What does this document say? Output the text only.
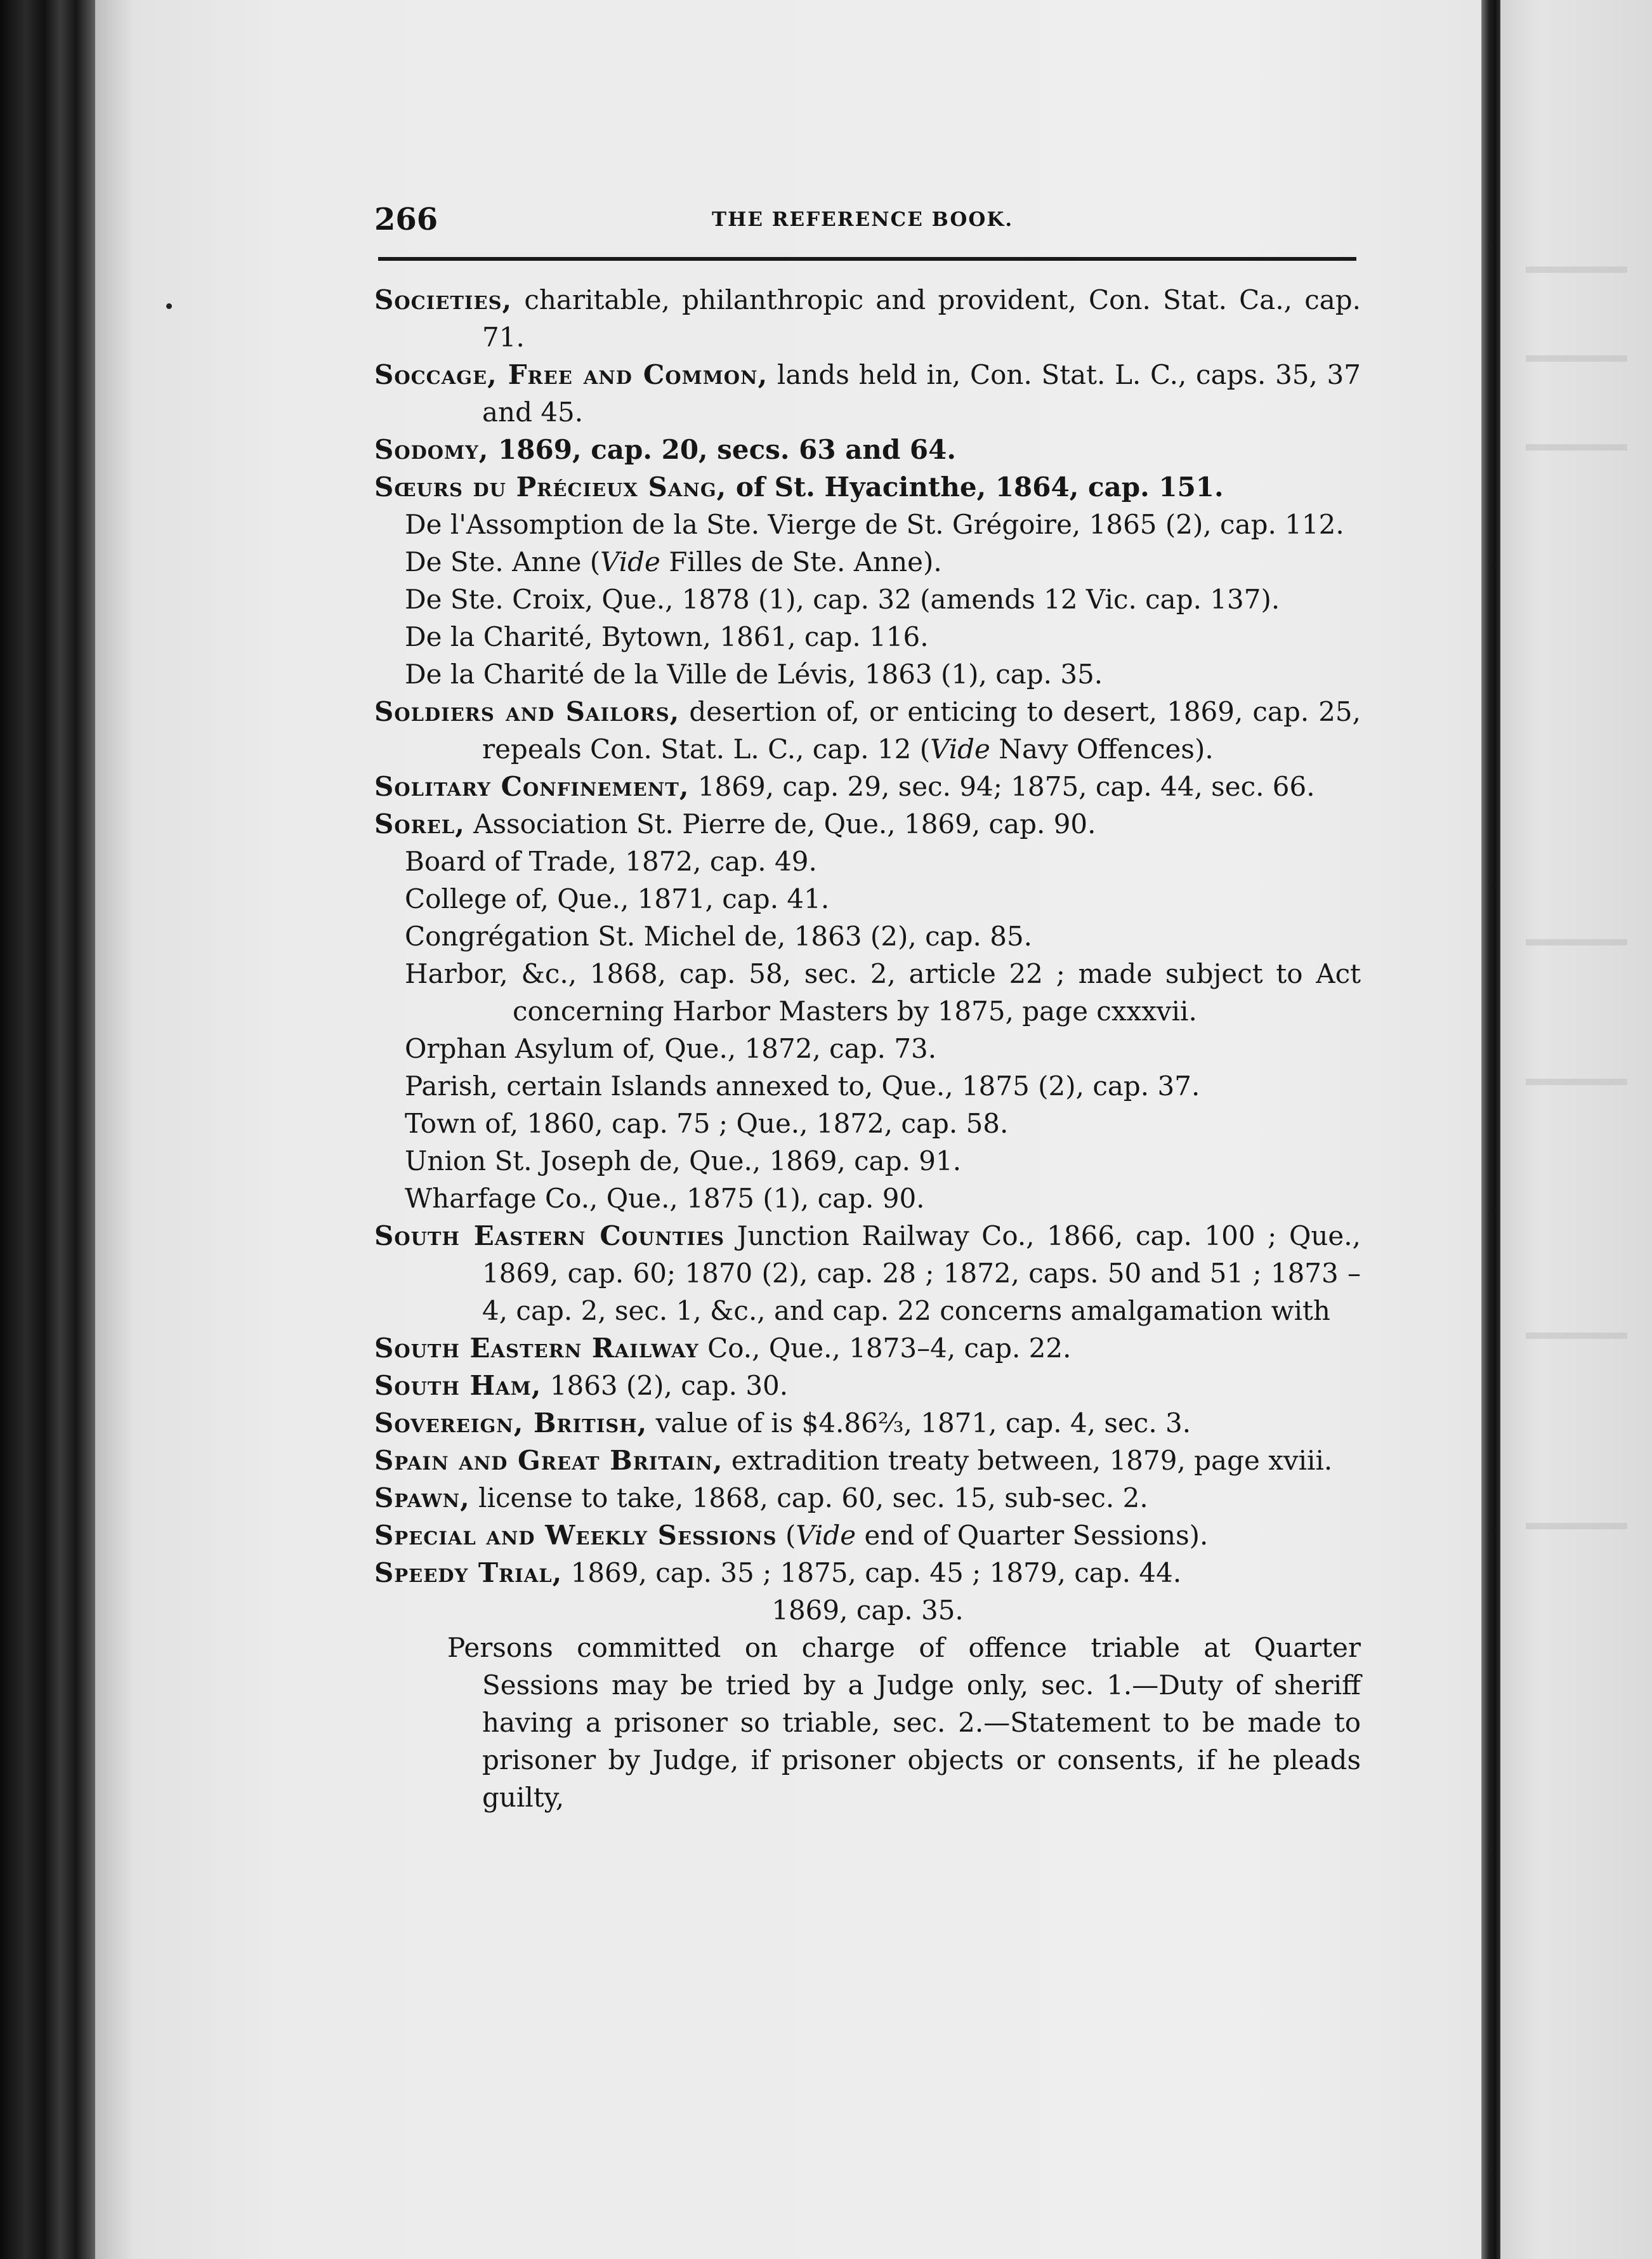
266	THE REFERENCE BOOK.

Societies, charitable, philanthropic and provident, Con. Stat. Ca., cap. 71.

Soccage, Free and Common, lands held in, Con. Stat. L. C., caps. 35, 37 and 45.

Sodomy, 1869, cap. 20, secs. 63 and 64.

Sœurs du Précieux Sang, of St. Hyacinthe, 1864, cap. 151.

De l'Assomption de la Ste. Vierge de St. Grégoire, 1865 (2), cap. 112.

De Ste. Anne (Vide Filles de Ste. Anne).

De Ste. Croix, Que., 1878 (1), cap. 32 (amends 12 Vic. cap. 137).

De la Charité, Bytown, 1861, cap. 116.

De la Charité de la Ville de Lévis, 1863 (1), cap. 35.

Soldiers and Sailors, desertion of, or enticing to desert, 1869, cap. 25, repeals Con. Stat. L. C., cap. 12 (Vide Navy Offences).

Solitary Confinement, 1869, cap. 29, sec. 94; 1875, cap. 44, sec. 66.

Sorel, Association St. Pierre de, Que., 1869, cap. 90.

Board of Trade, 1872, cap. 49.

College of, Que., 1871, cap. 41.

Congrégation St. Michel de, 1863 (2), cap. 85.

Harbor, &c., 1868, cap. 58, sec. 2, article 22 ; made subject to Act concerning Harbor Masters by 1875, page cxxxvii.

Orphan Asylum of, Que., 1872, cap. 73.

Parish, certain Islands annexed to, Que., 1875 (2), cap. 37.

Town of, 1860, cap. 75 ; Que., 1872, cap. 58.

Union St. Joseph de, Que., 1869, cap. 91.

Wharfage Co., Que., 1875 (1), cap. 90.

South Eastern Counties Junction Railway Co., 1866, cap. 100 ; Que., 1869, cap. 60; 1870 (2), cap. 28 ; 1872, caps. 50 and 51 ; 1873 –4, cap. 2, sec. 1, &c., and cap. 22 concerns amalgamation with

South Eastern Railway Co., Que., 1873–4, cap. 22.

South Ham, 1863 (2), cap. 30.

Sovereign, British, value of is $4.86⅔, 1871, cap. 4, sec. 3.

Spain and Great Britain, extradition treaty between, 1879, page xviii.

Spawn, license to take, 1868, cap. 60, sec. 15, sub-sec. 2.

Special and Weekly Sessions (Vide end of Quarter Sessions).

Speedy Trial, 1869, cap. 35 ; 1875, cap. 45 ; 1879, cap. 44.

1869, cap. 35.

Persons committed on charge of offence triable at Quarter Sessions may be tried by a Judge only, sec. 1.—Duty of sheriff having a prisoner so triable, sec. 2.—Statement to be made to prisoner by Judge, if prisoner objects or consents, if he pleads guilty,
